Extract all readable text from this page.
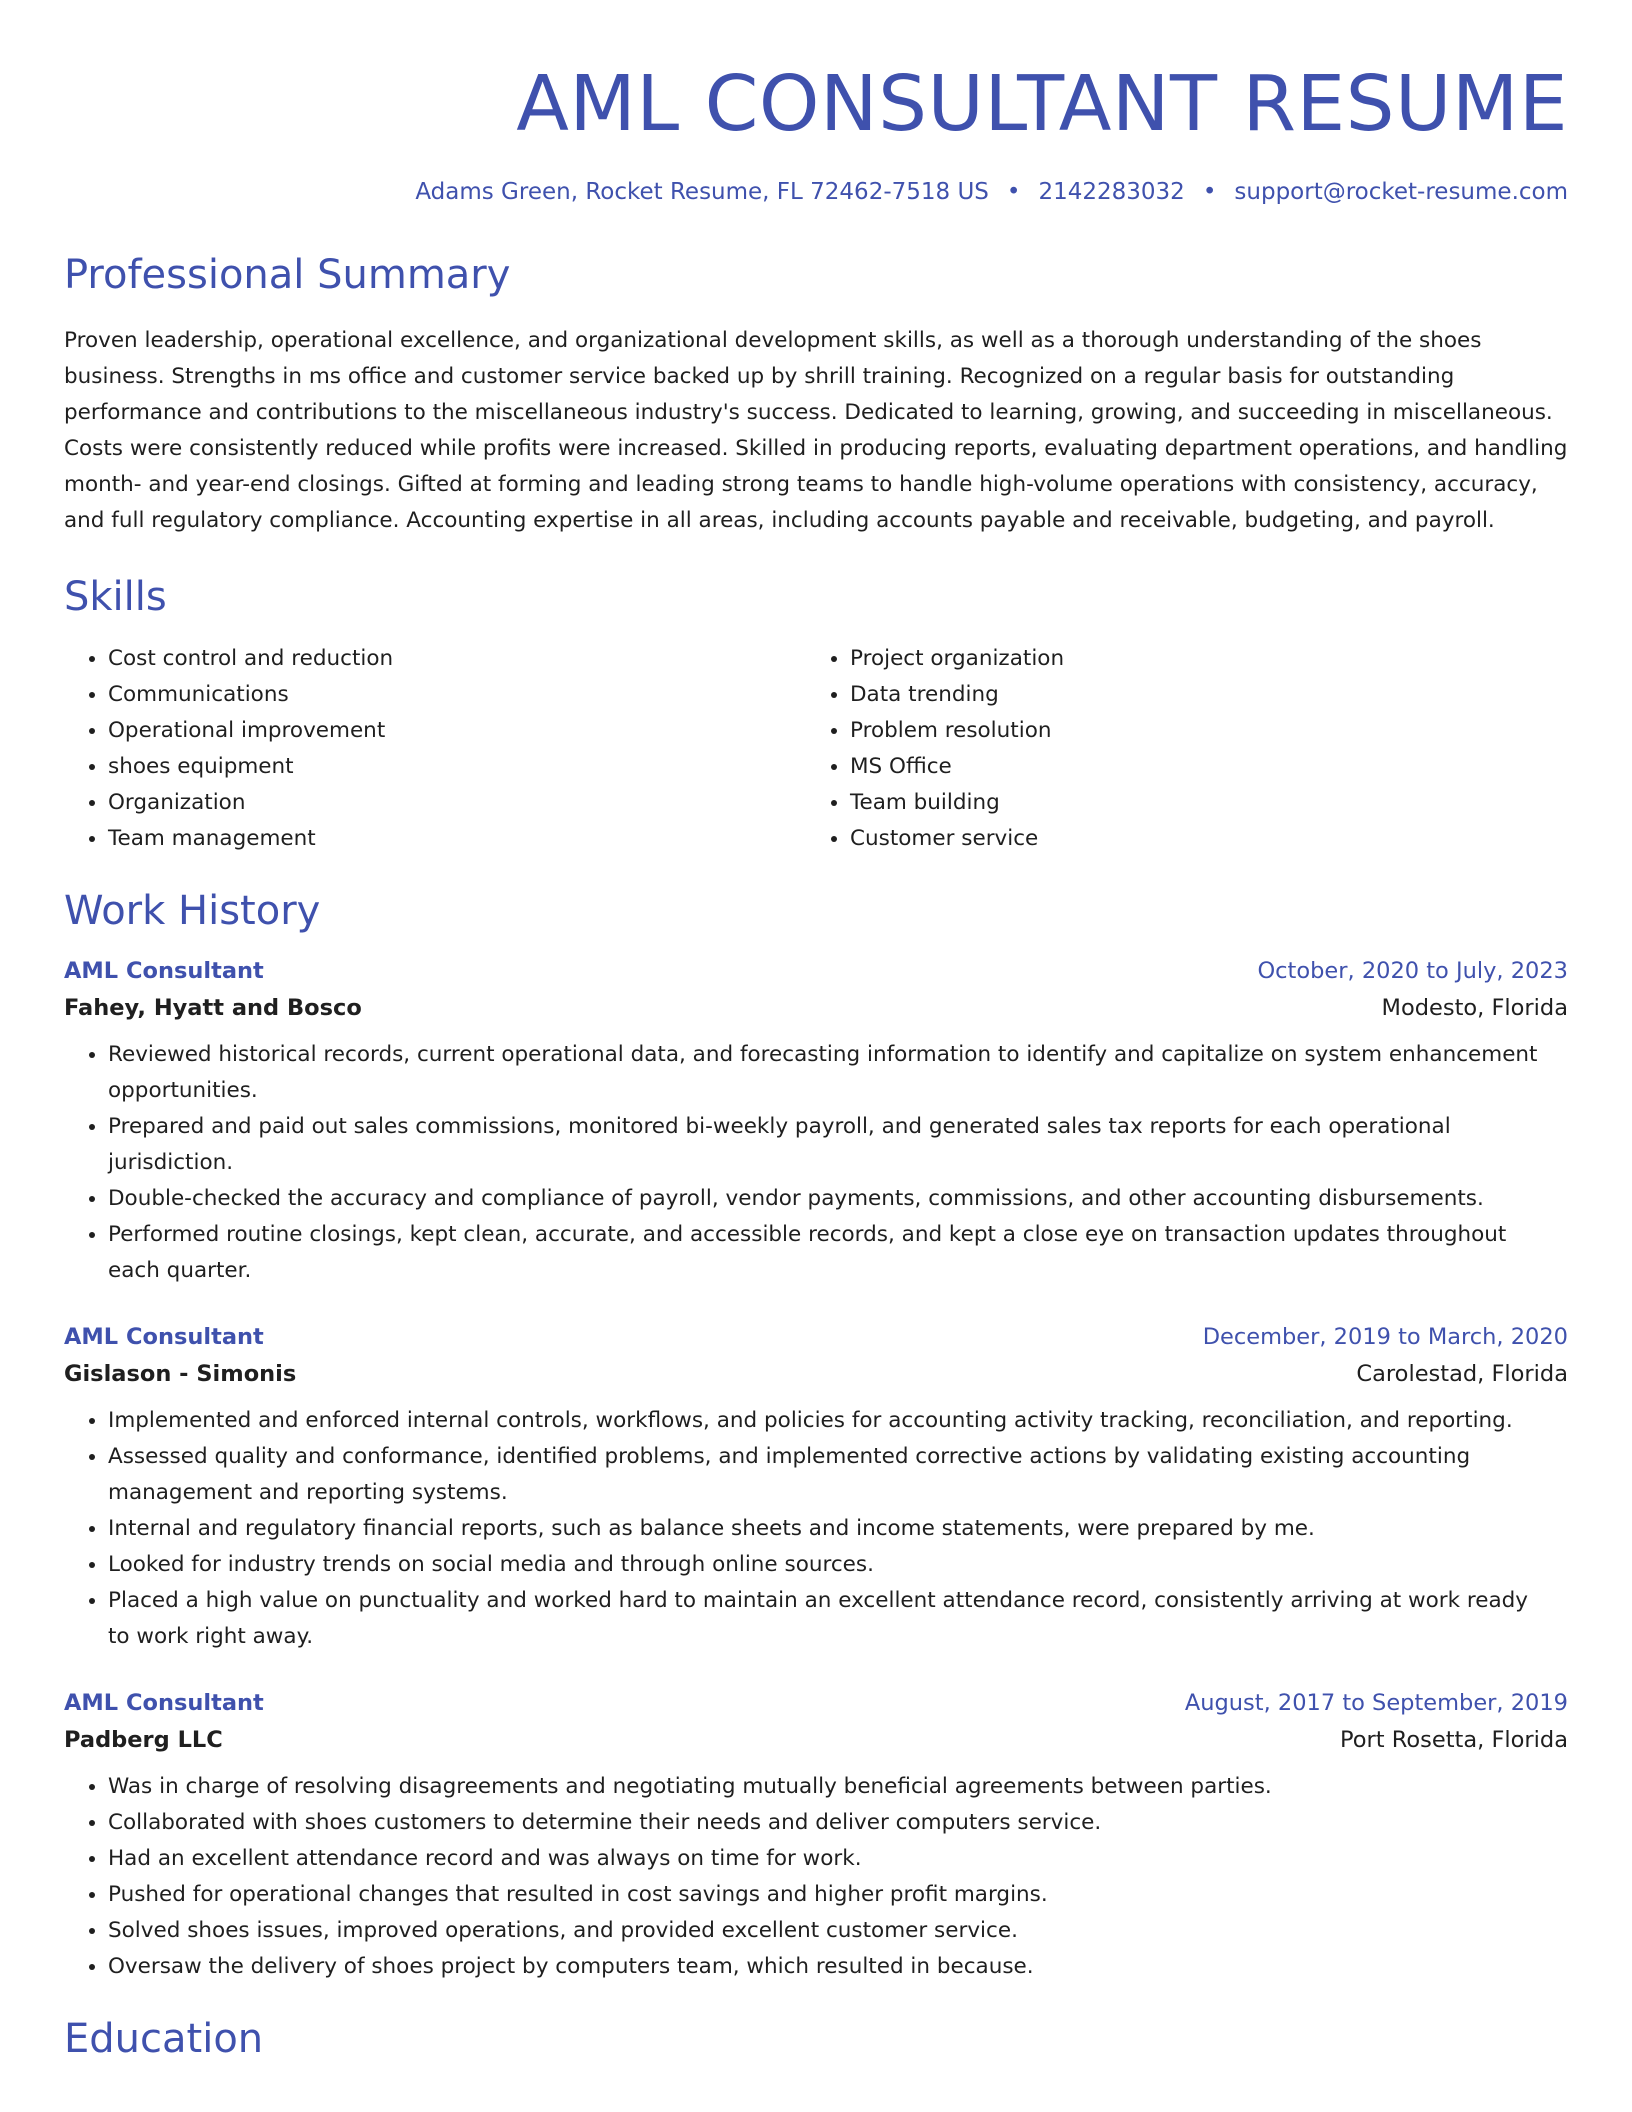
AML CONSULTANT RESUME
Adams Green, Rocket Resume, FL 72462-7518 US • 2142283032 • support@rocket-resume.com
Professional Summary

Proven leadership, operational excellence, and organizational development skills, as well as a thorough understanding of the shoes business. Strengths in ms office and customer service backed up by shrill training. Recognized on a regular basis for outstanding performance and contributions to the miscellaneous industry's success. Dedicated to learning, growing, and succeeding in miscellaneous. Costs were consistently reduced while profits were increased. Skilled in producing reports, evaluating department operations, and handling month- and year-end closings. Gifted at forming and leading strong teams to handle high-volume operations with consistency, accuracy, and full regulatory compliance. Accounting expertise in all areas, including accounts payable and receivable, budgeting, and payroll.

Skills
• Cost control and reduction
• Communications
• Operational improvement
• shoes equipment
• Organization
• Team management
• Project organization
• Data trending
• Problem resolution
• MS Office
• Team building
• Customer service
Work History
AML Consultant	October, 2020 to July, 2023
Fahey, Hyatt and Bosco	Modesto, Florida
• Reviewed historical records, current operational data, and forecasting information to identify and capitalize on system enhancement opportunities.
• Prepared and paid out sales commissions, monitored bi-weekly payroll, and generated sales tax reports for each operational jurisdiction.
• Double-checked the accuracy and compliance of payroll, vendor payments, commissions, and other accounting disbursements.
• Performed routine closings, kept clean, accurate, and accessible records, and kept a close eye on transaction updates throughout each quarter.
AML Consultant	December, 2019 to March, 2020
Gislason - Simonis	Carolestad, Florida
• Implemented and enforced internal controls, workflows, and policies for accounting activity tracking, reconciliation, and reporting.
• Assessed quality and conformance, identified problems, and implemented corrective actions by validating existing accounting management and reporting systems.
• Internal and regulatory financial reports, such as balance sheets and income statements, were prepared by me.
• Looked for industry trends on social media and through online sources.
• Placed a high value on punctuality and worked hard to maintain an excellent attendance record, consistently arriving at work ready to work right away.
AML Consultant	August, 2017 to September, 2019
Padberg LLC	Port Rosetta, Florida
• Was in charge of resolving disagreements and negotiating mutually beneficial agreements between parties.
• Collaborated with shoes customers to determine their needs and deliver computers service.
• Had an excellent attendance record and was always on time for work.
• Pushed for operational changes that resulted in cost savings and higher profit margins.
• Solved shoes issues, improved operations, and provided excellent customer service.
• Oversaw the delivery of shoes project by computers team, which resulted in because.
Education
